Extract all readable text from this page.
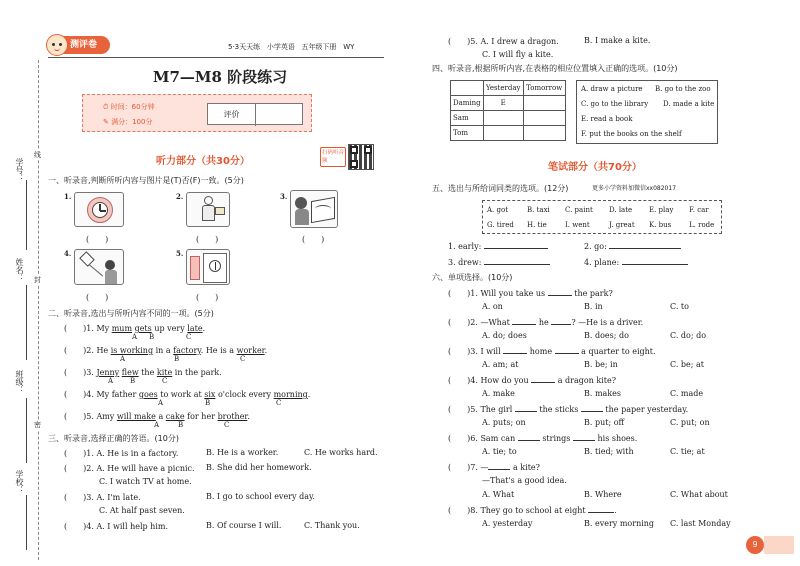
学号：
姓名：
班级：
学校：
线
封
密
测评卷	5·3天天练 小学英语 五年级下册 WY
M7—M8 阶段练习
⏱ 时间：60分钟
✎ 满分：100分
评价
扫码听音频
听力部分（共30分）
一、听录音,判断所听内容与图片是(T)否(F)一致。(5分)
1.
(　　)
2.
(　　)
3.
(　　)
4.
(　　)
5.
(　　)
二、听录音,选出与所听内容不同的一项。(5分)
(　　)1. My mum gets up very late.
A B	C
(　　)2. He is working in a factory. He is a worker.
A	B	C
(　　)3. Jenny flew the kite in the park.
A B	C
(　　)4. My father goes to work at six o'clock every morning.
A	B	C
(　　)5. Amy will make a cake for her brother.
A	B	C
三、听录音,选择正确的答语。(10分)
(　　)1. A. He is in a factory.	B. He is a worker.	C. He works hard.
(　　)2. A. He will have a picnic. B. She did her homework.
C. I watch TV at home.
(　　)3. A. I'm late.	B. I go to school every day.
C. At half past seven.
(　　)4. A. I will help him.	B. Of course I will.	C. Thank you.
(　　)5. A. I drew a dragon.	B. I make a kite.
C. I will fly a kite.
四、听录音,根据所听内容,在表格的相应位置填入正确的选项。(10分)
	Yesterday	Tomorrow
Daming	E	
Sam		
Tom		
A. draw a picture B. go to the zoo
C. go to the library D. made a kite
E. read a book
F. put the books on the shelf
笔试部分（共70分）
五、选出与所给词同类的选项。(12分)	更多小学资料加微信xx082017
A. got	B. taxi C. paint D. late E. play F. car
G. tired H. tie	I. went	J. great K. bus	L. rode
1. early:	2. go:
3. drew:	4. plane:
六、单项选择。(10分)
(　　)1. Will you take us	the park?
A. on	B. in	C. to
(　　)2. —What	he	? —He is a driver.
A. do; does	B. does; do	C. do; do
(　　)3. I will	home	a quarter to eight.
A. am; at	B. be; in	C. be; at
(　　)4. How do you	a dragon kite?
A. make	B. makes	C. made
(　　)5. The girl	the sticks	the paper yesterday.
A. puts; on	B. put; off	C. put; on
(　　)6. Sam can	strings	his shoes.
A. tie; to	B. tied; with	C. tie; at
(　　)7. —	a kite?
—That's a good idea.
A. What	B. Where	C. What about
(　　)8. They go to school at eight	.
A. yesterday	B. every morning C. last Monday
9
